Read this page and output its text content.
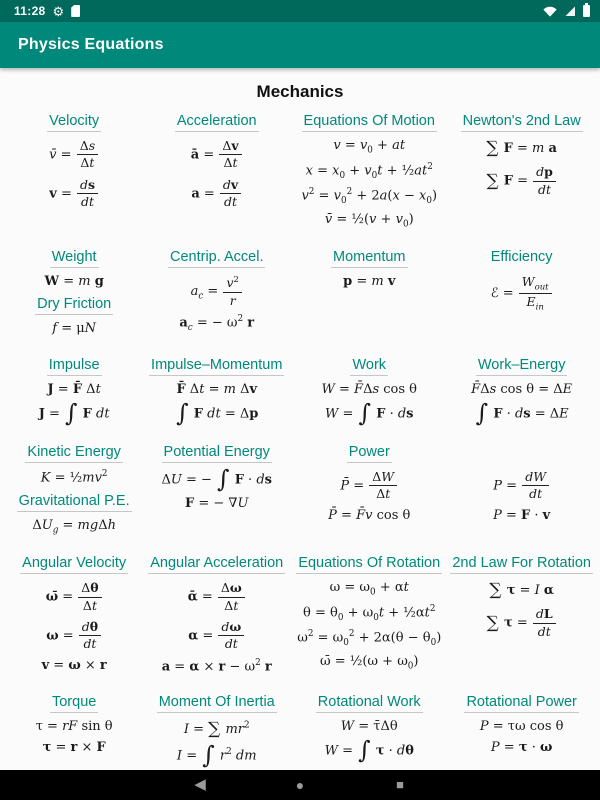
11:28 ⚙
Physics Equations
Mechanics
Velocity
v̄ = $\frac{\Delta s}{\Delta t}$
$v = \frac{ds}{dt}$
Acceleration
ā = $\frac{\Delta v}{\Delta t}$
$a = \frac{dv}{dt}$
Equations Of Motion
$v = v_0$ + at
$x = x_0 + v_0t$ + $\frac{1}{2}at^2$
$v^2 = v_0^2 + 2a(x - x_0)$
v̄ = ½(v + $v_0$)
Newton's 2nd Law
∑ F = m a
∑ $F = \frac{dp}{dt}$
Weight
W = m g
Dry Friction
f = μN
Centrip. Accel.
$a_c = \frac{v^2}{r}$
$a_c$ = − $\omega^2$ r
Momentum
p = m v
Efficiency
ℰ = $\frac{W_{out}}{E_{in}}$
Impulse
J = F̄ Δt
J = ∫ F dt
Impulse–Momentum
F̄ Δt = m Δv
∫ F dt = Δp
Work
W = F̄Δs cos θ
W = ∫ F · ds
Work–Energy
F̄Δs cos θ = ΔE
∫ F · ds = ΔE
Kinetic Energy
$K = \frac{1}{2}mv^2$
Gravitational P.E.
$\Delta U_g = mg\Delta h$
Potential Energy
ΔU = − ∫ F · ds
F = − ∇U
Power
P̄ = $\frac{\Delta W}{\Delta t}$
P̄ = F̄v cos θ
$P = \frac{dW}{dt}$
P = F · v
Angular Velocity
ω̄ = $\frac{\Delta\theta}{\Delta t}$
$\omega = \frac{d\theta}{dt}$
v = ω × r
Angular Acceleration
ᾱ = $\frac{\Delta\omega}{\Delta t}$
$\alpha = \frac{d\omega}{dt}$
$a = \alpha \times r - \omega^2$ r
Equations Of Rotation
$\omega = \omega_0 + \alpha t$
$\theta = \theta_0 + \omega_0t$ + $\frac{1}{2}\alpha t^2$
$\omega^2 = \omega_0^2 + 2\alpha(\theta - \theta_0)$
ω̄ = ½(ω + $\omega_0$)
2nd Law For Rotation
∑ τ = I α
∑ $\tau = \frac{dL}{dt}$
Torque
τ = rF sin θ
τ = r × F
Moment Of Inertia
I = ∑ $mr^2$
I = ∫ $r^2$ dm
Rotational Work
W = τ̄Δθ
W = ∫ τ · dθ
Rotational Power
P = τω cos θ
P = τ · ω
◀	●	■
